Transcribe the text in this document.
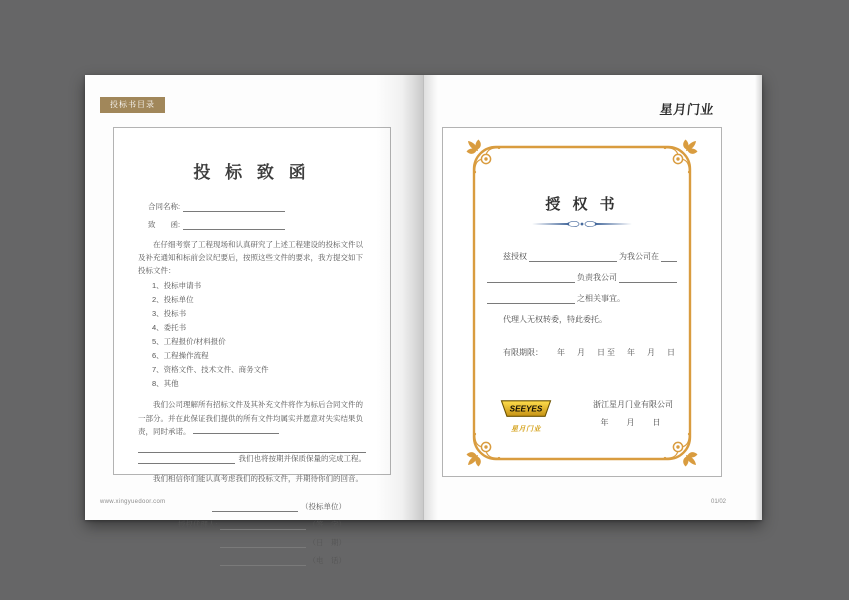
投标书目录
投 标 致 函
合同名称:
致　　函:

在仔细考察了工程现场和认真研究了上述工程建设的投标文件以及补充通知和标前会议纪要后，按照这些文件的要求，我方提交如下投标文件：

1、投标申请书
2、投标单位
3、投标书
4、委托书
5、工程报价/材料报价
6、工程操作流程
7、资格文件、技术文件、商务文件
8、其他

我们公司理解所有招标文件及其补充文件将作为标后合同文件的一部分。并在此保证我们提供的所有文件均属实并愿意对失实结果负责，同时承诺。

我们也将按期并保质保量的完成工程。

我们相信你们能认真考虑我们的投标文件，并期待你们的回音。

（投标单位）
授权代理人:	（签　字）
（日　期）
（电　话）
www.xingyuedoor.com
星月门业
授 权 书
兹授权	为我公司在
负责我公司
之相关事宜。
代理人无权转委，特此委托。
有限期限： 年　月　日至　年　月　日
SEEYES
星月门业
浙江星月门业有限公司
年　月　日
01/02
